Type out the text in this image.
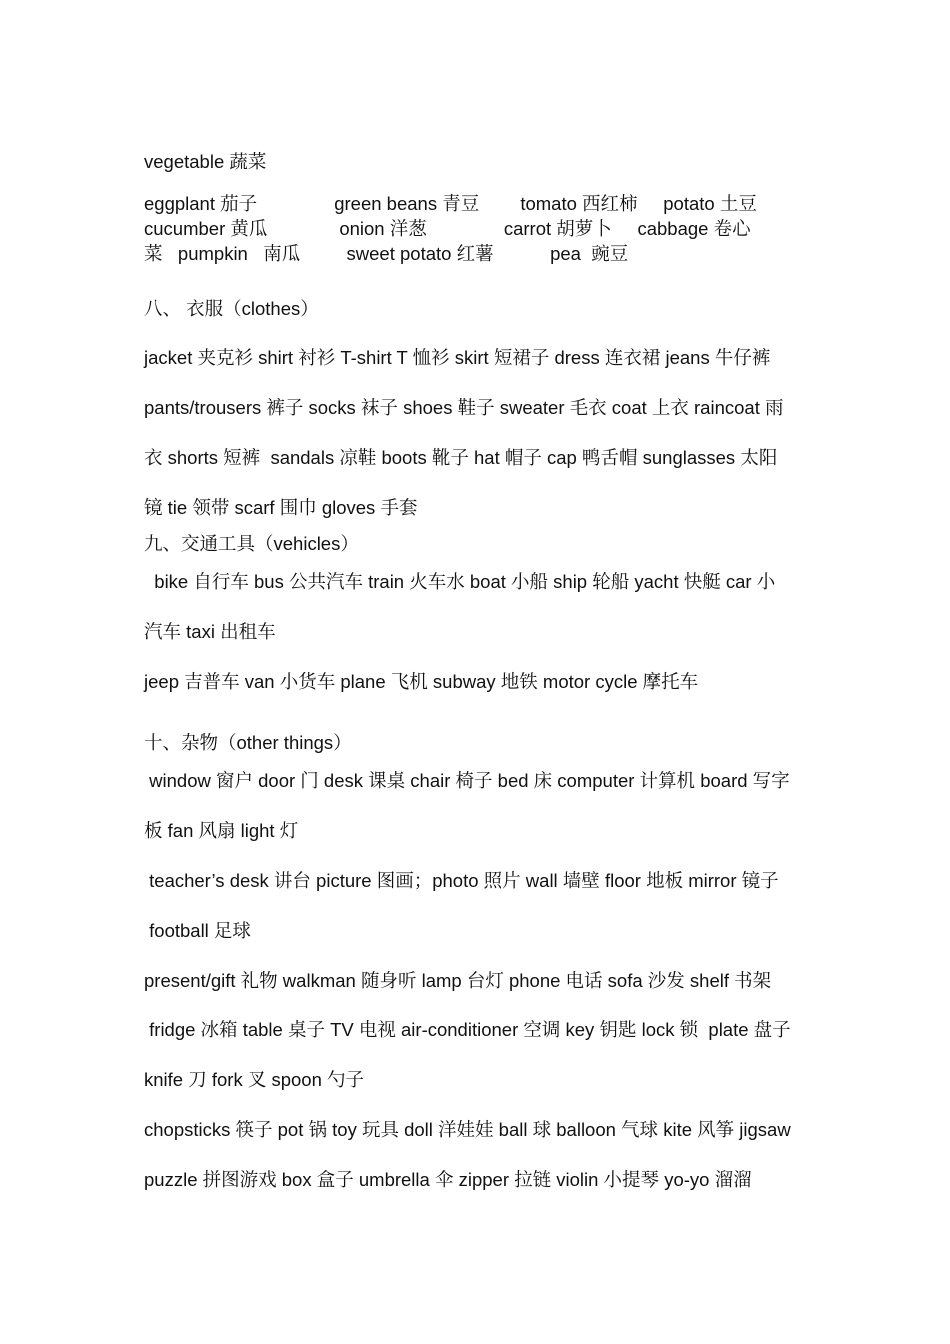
vegetable 蔬菜
eggplant 茄子               green beans 青豆        tomato 西红柿     potato 土豆
cucumber 黄瓜              onion 洋葱               carrot 胡萝卜     cabbage 卷心
菜   pumpkin   南瓜         sweet potato 红薯           pea  豌豆
八、 衣服（clothes）
jacket 夹克衫 shirt 衬衫 T-shirt T 恤衫 skirt 短裙子 dress 连衣裙 jeans 牛仔裤
pants/trousers 裤子 socks 袜子 shoes 鞋子 sweater 毛衣 coat 上衣 raincoat 雨
衣 shorts 短裤  sandals 凉鞋 boots 靴子 hat 帽子 cap 鸭舌帽 sunglasses 太阳
镜 tie 领带 scarf 围巾 gloves 手套
九、交通工具（vehicles）
bike 自行车 bus 公共汽车 train 火车水 boat 小船 ship 轮船 yacht 快艇 car 小
汽车 taxi 出租车
jeep 吉普车 van 小货车 plane 飞机 subway 地铁 motor cycle 摩托车
十、杂物（other things）
window 窗户 door 门 desk 课桌 chair 椅子 bed 床 computer 计算机 board 写字
板 fan 风扇 light 灯
teacher’s desk 讲台 picture 图画；photo 照片 wall 墙壁 floor 地板 mirror 镜子
football 足球
present/gift 礼物 walkman 随身听 lamp 台灯 phone 电话 sofa 沙发 shelf 书架
fridge 冰箱 table 桌子 TV 电视 air-conditioner 空调 key 钥匙 lock 锁  plate 盘子
knife 刀 fork 叉 spoon 勺子
chopsticks 筷子 pot 锅 toy 玩具 doll 洋娃娃 ball 球 balloon 气球 kite 风筝 jigsaw
puzzle 拼图游戏 box 盒子 umbrella 伞 zipper 拉链 violin 小提琴 yo-yo 溜溜
